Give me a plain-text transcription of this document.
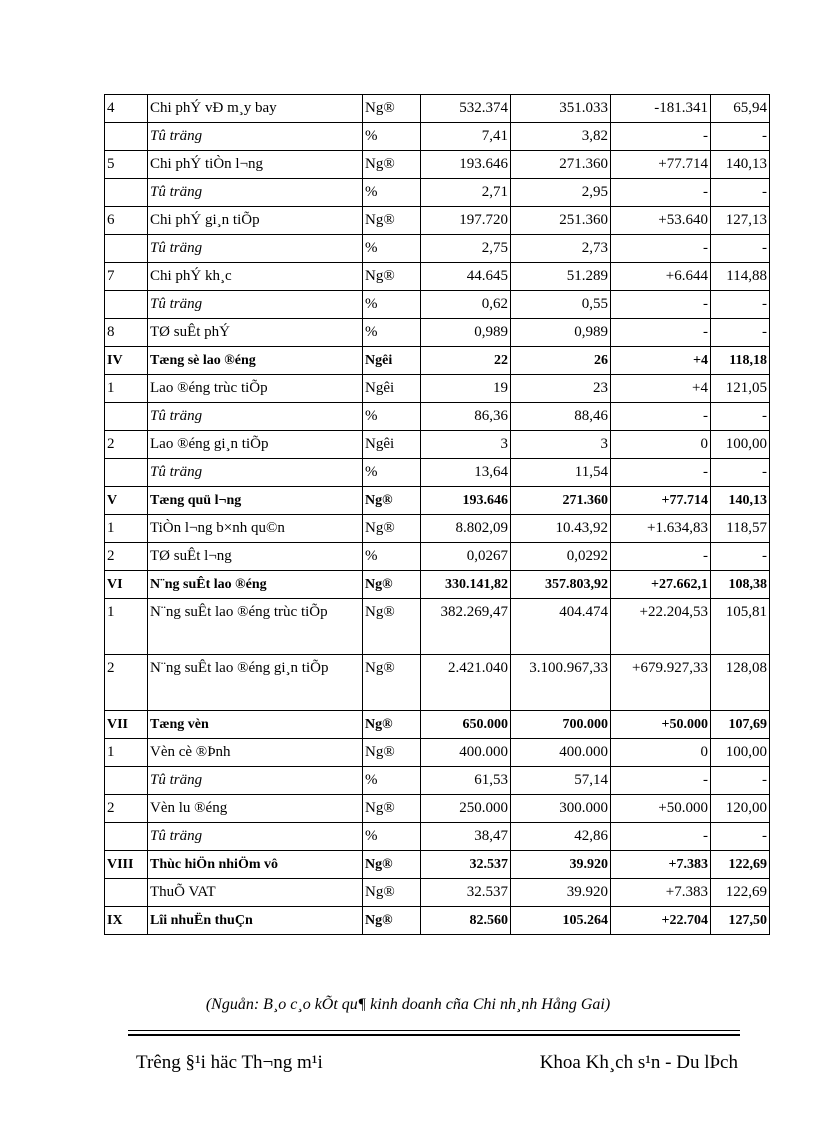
4	Chi phÝ vÐ m¸y bay	Ng®	532.374	351.033	-181.341	65,94
	Tû träng	%	7,41	3,82	-	-
5	Chi phÝ tiÒn l¬ng	Ng®	193.646	271.360	+77.714	140,13
	Tû träng	%	2,71	2,95	-	-
6	Chi phÝ gi¸n tiÕp	Ng®	197.720	251.360	+53.640	127,13
	Tû träng	%	2,75	2,73	-	-
7	Chi phÝ kh¸c	Ng®	44.645	51.289	+6.644	114,88
	Tû träng	%	0,62	0,55	-	-
8	TØ suÊt phÝ	%	0,989	0,989	-	-
IV	Tæng sè lao ®éng	Ngêi	22	26	+4	118,18
1	Lao ®éng trùc tiÕp	Ngêi	19	23	+4	121,05
	Tû träng	%	86,36	88,46	-	-
2	Lao ®éng gi¸n tiÕp	Ngêi	3	3	0	100,00
	Tû träng	%	13,64	11,54	-	-
V	Tæng quü l¬ng	Ng®	193.646	271.360	+77.714	140,13
1	TiÒn l¬ng b×nh qu©n	Ng®	8.802,09	10.43,92	+1.634,83	118,57
2	TØ suÊt l¬ng	%	0,0267	0,0292	-	-
VI	N¨ng suÊt lao ®éng	Ng®	330.141,82	357.803,92	+27.662,1	108,38
1	N¨ng suÊt lao ®éng trùc tiÕp	Ng®	382.269,47	404.474	+22.204,53	105,81
2	N¨ng suÊt lao ®éng gi¸n tiÕp	Ng®	2.421.040	3.100.967,33	+679.927,33	128,08
VII	Tæng vèn	Ng®	650.000	700.000	+50.000	107,69
1	Vèn cè ®Þnh	Ng®	400.000	400.000	0	100,00
	Tû träng	%	61,53	57,14	-	-
2	Vèn lu ®éng	Ng®	250.000	300.000	+50.000	120,00
	Tû träng	%	38,47	42,86	-	-
VIII	Thùc hiÖn nhiÖm vô	Ng®	32.537	39.920	+7.383	122,69
	ThuÕ VAT	Ng®	32.537	39.920	+7.383	122,69
IX	Lîi nhuËn thuÇn	Ng®	82.560	105.264	+22.704	127,50
(Nguån: B¸o c¸o kÕt qu¶ kinh doanh cña Chi nh¸nh Hång Gai)
Trêng §¹i häc Th¬ng m¹i	Khoa Kh¸ch s¹n - Du lÞch
